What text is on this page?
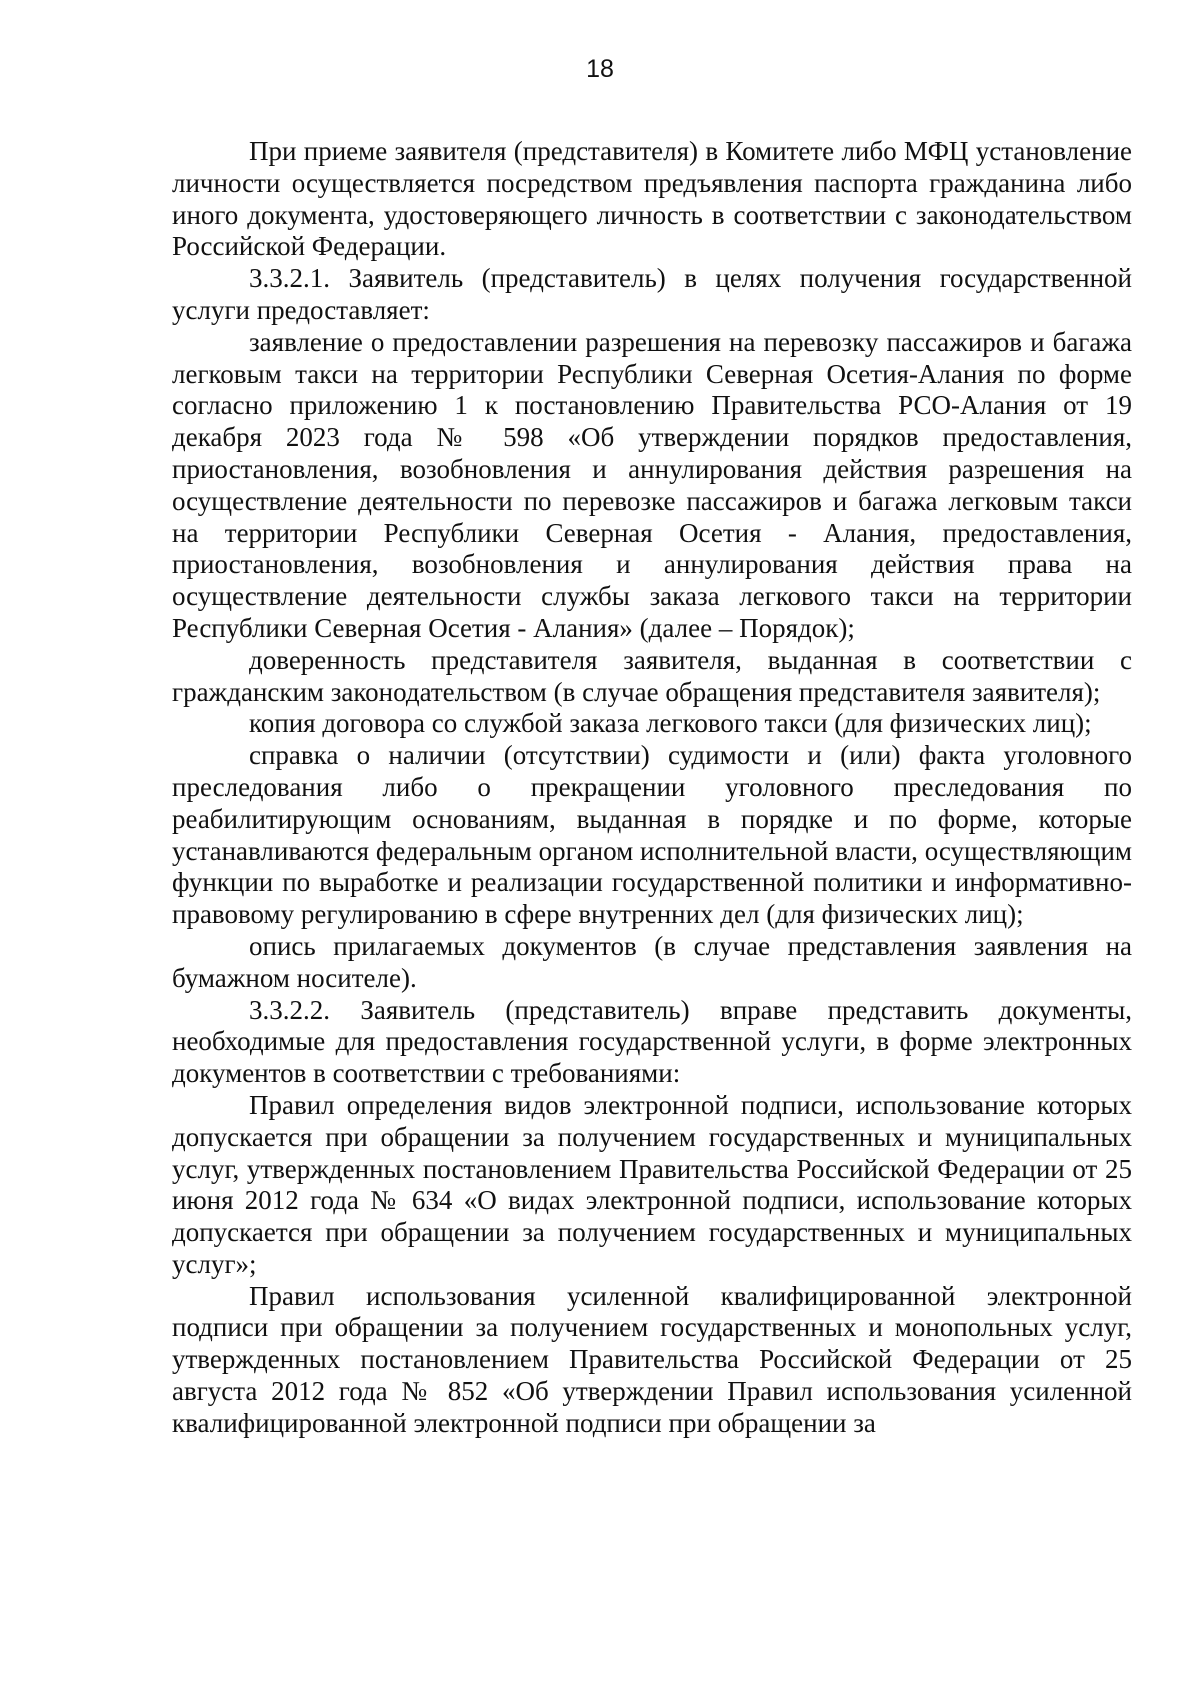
18

При приеме заявителя (представителя) в Комитете либо МФЦ установление личности осуществляется посредством предъявления паспорта гражданина либо иного документа, удостоверяющего личность в соответствии с законодательством Российской Федерации.

3.3.2.1. Заявитель (представитель) в целях получения государственной услуги предоставляет:

заявление о предоставлении разрешения на перевозку пассажиров и багажа легковым такси на территории Республики Северная Осетия-Алания по форме согласно приложению 1 к постановлению Правительства РСО-Алания от 19 декабря 2023 года № 598 «Об утверждении порядков предоставления, приостановления, возобновления и аннулирования действия разрешения на осуществление деятельности по перевозке пассажиров и багажа легковым такси на территории Республики Северная Осетия - Алания, предоставления, приостановления, возобновления и аннулирования действия права на осуществление деятельности службы заказа легкового такси на территории Республики Северная Осетия - Алания» (далее – Порядок);

доверенность представителя заявителя, выданная в соответствии с гражданским законодательством (в случае обращения представителя заявителя);

копия договора со службой заказа легкового такси (для физических лиц);

справка о наличии (отсутствии) судимости и (или) факта уголовного преследования либо о прекращении уголовного преследования по реабилитирующим основаниям, выданная в порядке и по форме, которые устанавливаются федеральным органом исполнительной власти, осуществляющим функции по выработке и реализации государственной политики и информативно-правовому регулированию в сфере внутренних дел (для физических лиц);

опись прилагаемых документов (в случае представления заявления на бумажном носителе).

3.3.2.2. Заявитель (представитель) вправе представить документы, необходимые для предоставления государственной услуги, в форме электронных документов в соответствии с требованиями:

Правил определения видов электронной подписи, использование которых допускается при обращении за получением государственных и муниципальных услуг, утвержденных постановлением Правительства Российской Федерации от 25 июня 2012 года № 634 «О видах электронной подписи, использование которых допускается при обращении за получением государственных и муниципальных услуг»;

Правил использования усиленной квалифицированной электронной подписи при обращении за получением государственных и монопольных услуг, утвержденных постановлением Правительства Российской Федерации от 25 августа 2012 года № 852 «Об утверждении Правил использования усиленной квалифицированной электронной подписи при обращении за
